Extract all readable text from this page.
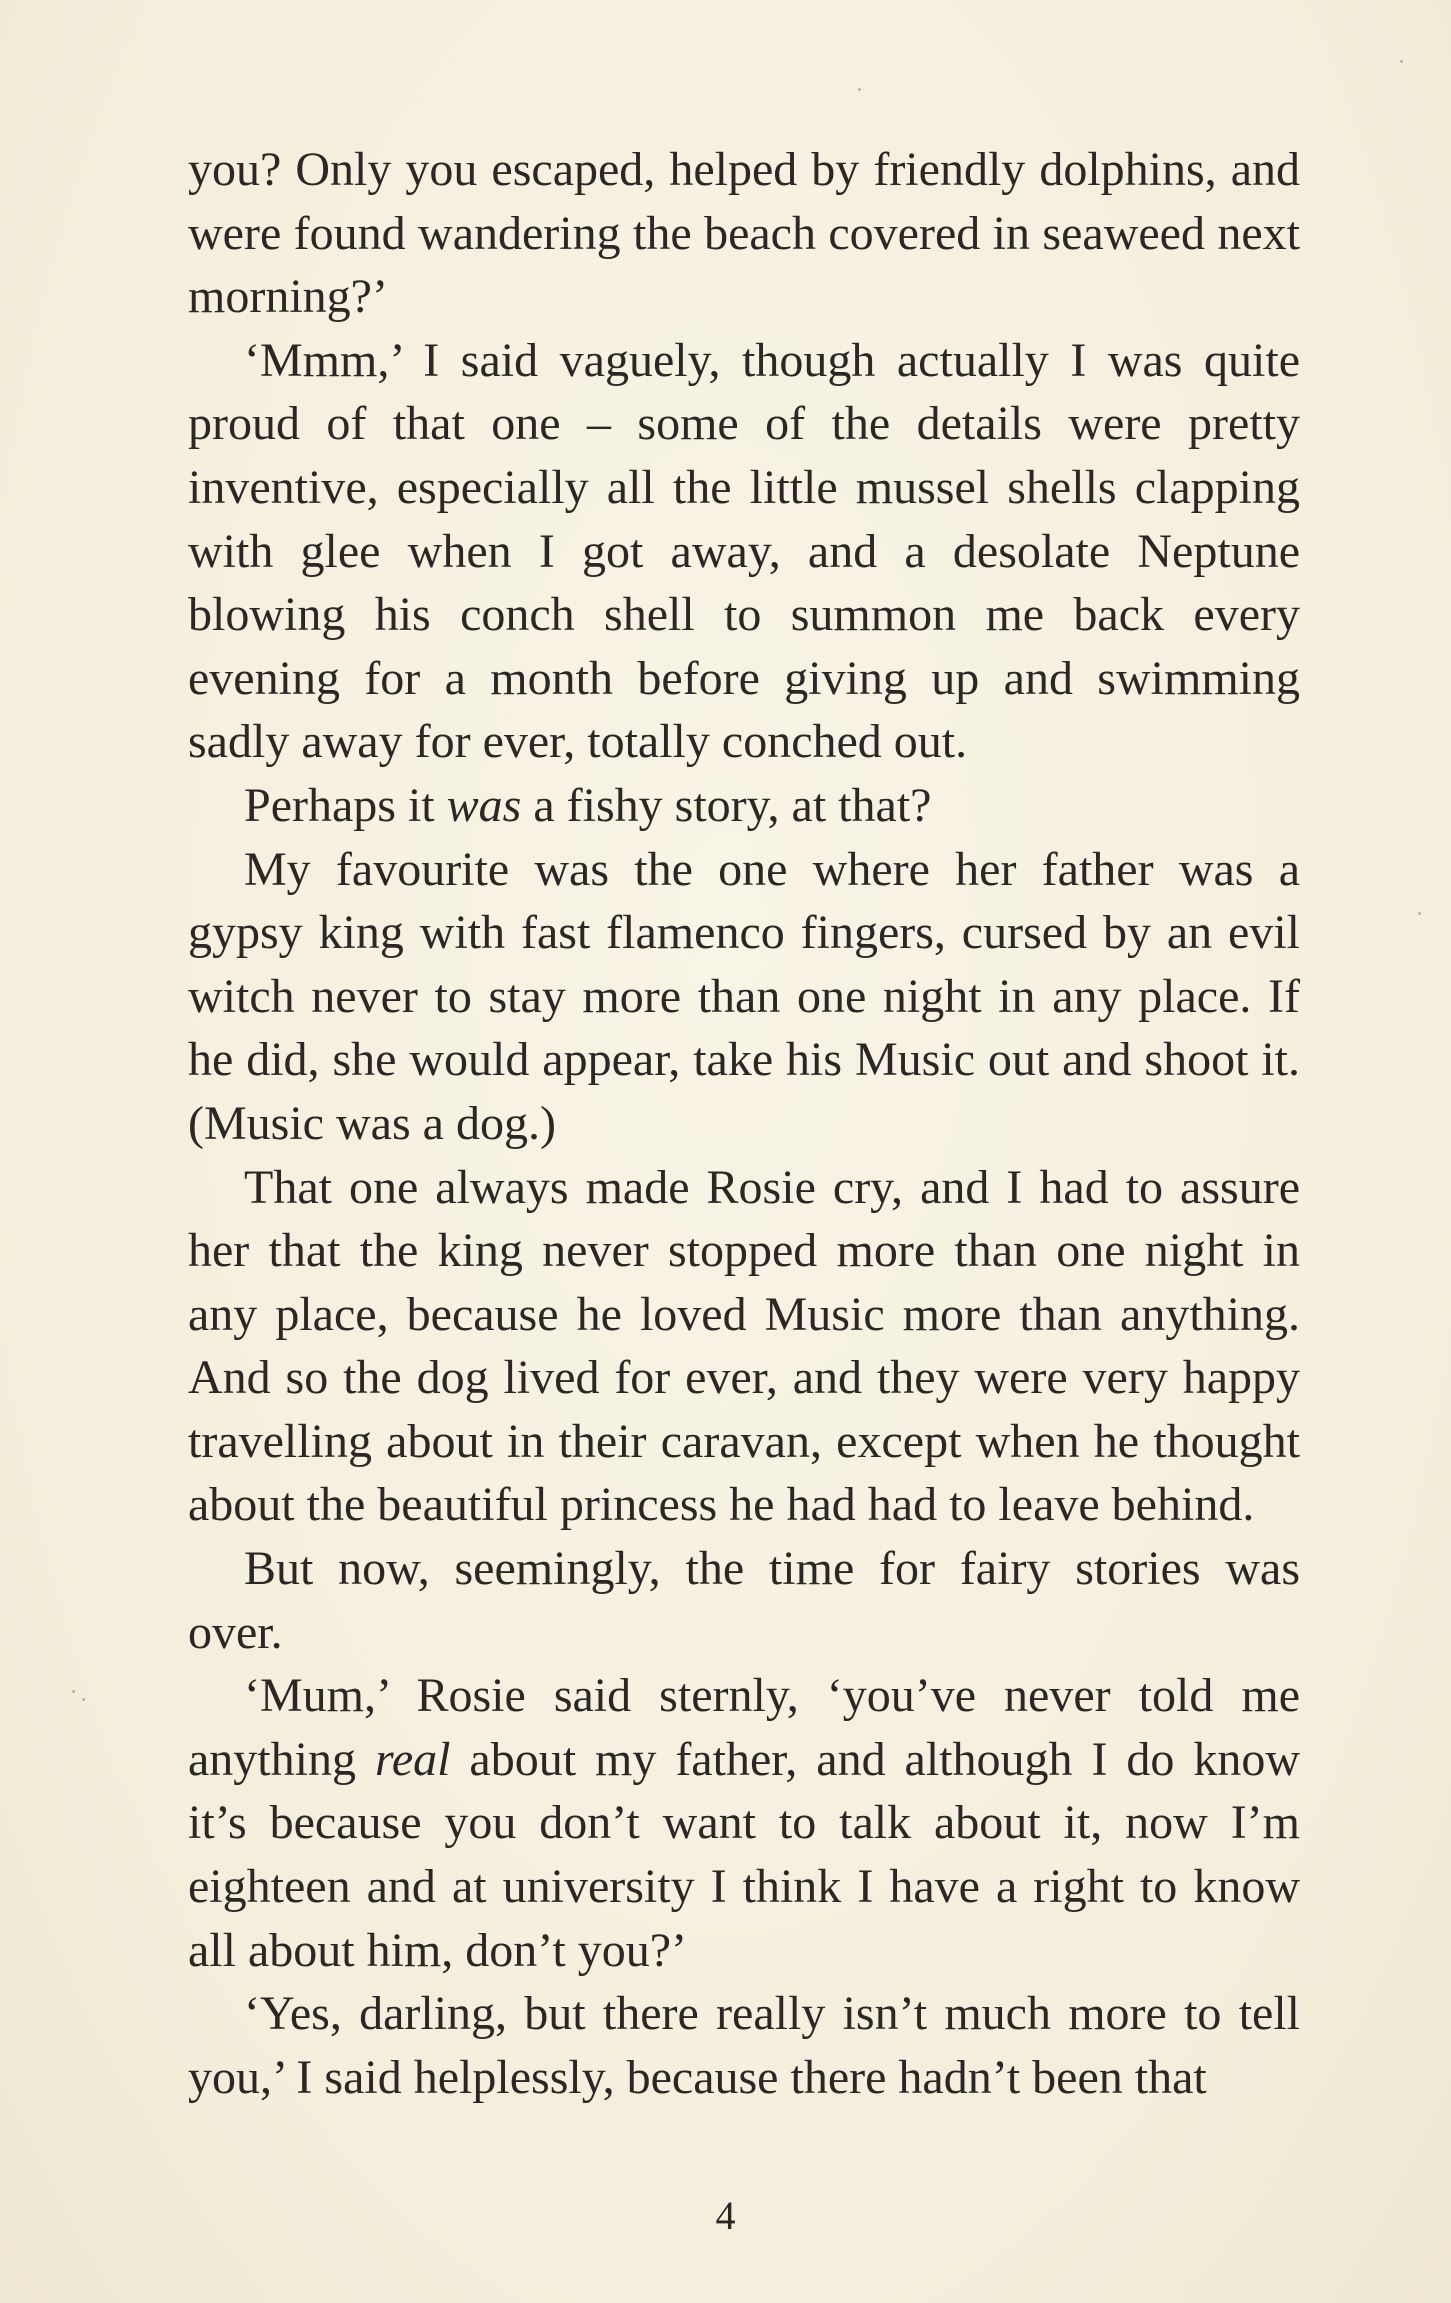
you? Only you escaped, helped by friendly dolphins, and were found wandering the beach covered in seaweed next morning?’

‘Mmm,’ I said vaguely, though actually I was quite proud of that one – some of the details were pretty inventive, especially all the little mussel shells clapping with glee when I got away, and a desolate Neptune blowing his conch shell to summon me back every evening for a month before giving up and swimming sadly away for ever, totally conched out.

Perhaps it was a fishy story, at that?

My favourite was the one where her father was a gypsy king with fast flamenco fingers, cursed by an evil witch never to stay more than one night in any place. If he did, she would appear, take his Music out and shoot it. (Music was a dog.)

That one always made Rosie cry, and I had to assure her that the king never stopped more than one night in any place, because he loved Music more than anything. And so the dog lived for ever, and they were very happy travelling about in their caravan, except when he thought about the beautiful princess he had had to leave behind.

But now, seemingly, the time for fairy stories was over.

‘Mum,’ Rosie said sternly, ‘you’ve never told me anything real about my father, and although I do know it’s because you don’t want to talk about it, now I’m eighteen and at university I think I have a right to know all about him, don’t you?’

‘Yes, darling, but there really isn’t much more to tell you,’ I said helplessly, because there hadn’t been that

4
